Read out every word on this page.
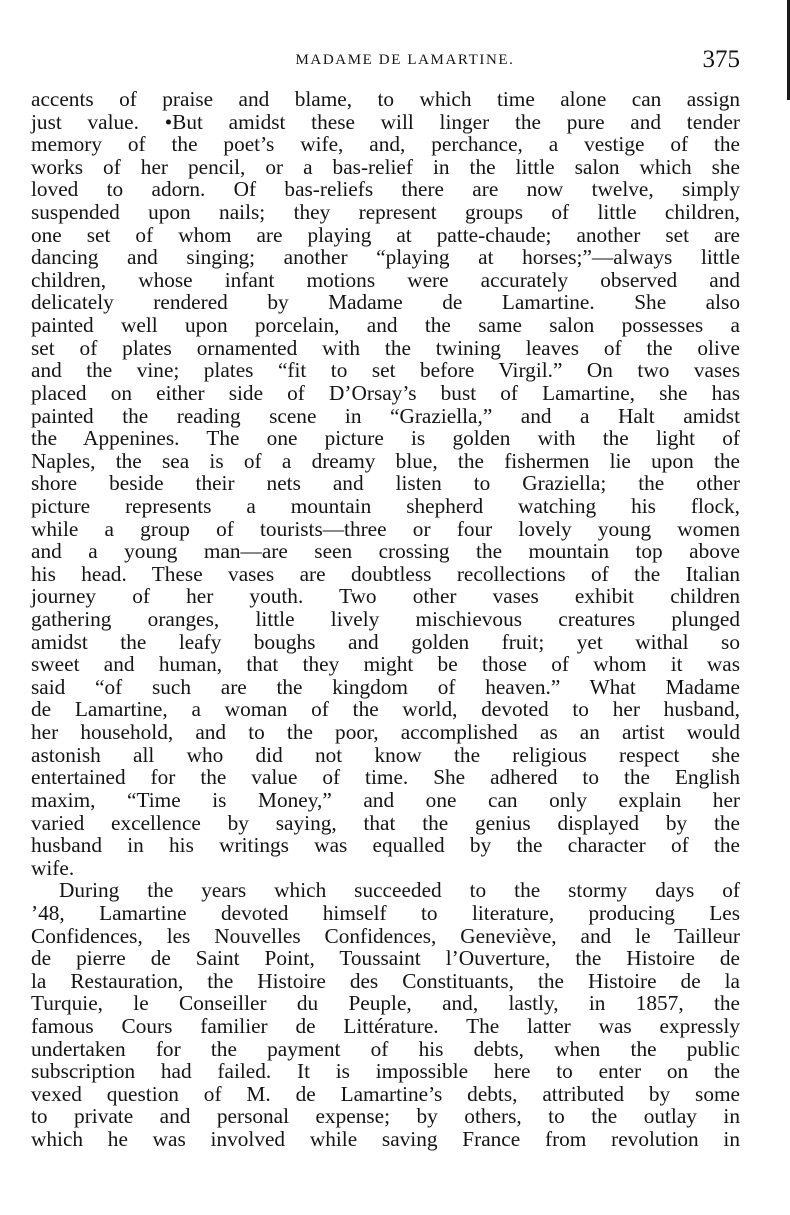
MADAME DE LAMARTINE.	375
accents of praise and blame, to which time alone can assign
just value. •But amidst these will linger the pure and tender
memory of the poet’s wife, and, perchance, a vestige of the
works of her pencil, or a bas-relief in the little salon which she
loved to adorn. Of bas-reliefs there are now twelve, simply
suspended upon nails; they represent groups of little children,
one set of whom are playing at patte-chaude; another set are
dancing and singing; another “playing at horses;”—always little
children, whose infant motions were accurately observed and
delicately rendered by Madame de Lamartine. She also
painted well upon porcelain, and the same salon possesses a
set of plates ornamented with the twining leaves of the olive
and the vine; plates “fit to set before Virgil.” On two vases
placed on either side of D’Orsay’s bust of Lamartine, she has
painted the reading scene in “Graziella,” and a Halt amidst
the Appenines. The one picture is golden with the light of
Naples, the sea is of a dreamy blue, the fishermen lie upon the
shore beside their nets and listen to Graziella; the other
picture represents a mountain shepherd watching his flock,
while a group of tourists—three or four lovely young women
and a young man—are seen crossing the mountain top above
his head. These vases are doubtless recollections of the Italian
journey of her youth. Two other vases exhibit children
gathering oranges, little lively mischievous creatures plunged
amidst the leafy boughs and golden fruit; yet withal so
sweet and human, that they might be those of whom it was
said “of such are the kingdom of heaven.” What Madame
de Lamartine, a woman of the world, devoted to her husband,
her household, and to the poor, accomplished as an artist would
astonish all who did not know the religious respect she
entertained for the value of time. She adhered to the English
maxim, “Time is Money,” and one can only explain her
varied excellence by saying, that the genius displayed by the
husband in his writings was equalled by the character of the
wife.
During the years which succeeded to the stormy days of
’48, Lamartine devoted himself to literature, producing Les
Confidences, les Nouvelles Confidences, Geneviève, and le Tailleur
de pierre de Saint Point, Toussaint l’Ouverture, the Histoire de
la Restauration, the Histoire des Constituants, the Histoire de la
Turquie, le Conseiller du Peuple, and, lastly, in 1857, the
famous Cours familier de Littérature. The latter was expressly
undertaken for the payment of his debts, when the public
subscription had failed. It is impossible here to enter on the
vexed question of M. de Lamartine’s debts, attributed by some
to private and personal expense; by others, to the outlay in
which he was involved while saving France from revolution in
